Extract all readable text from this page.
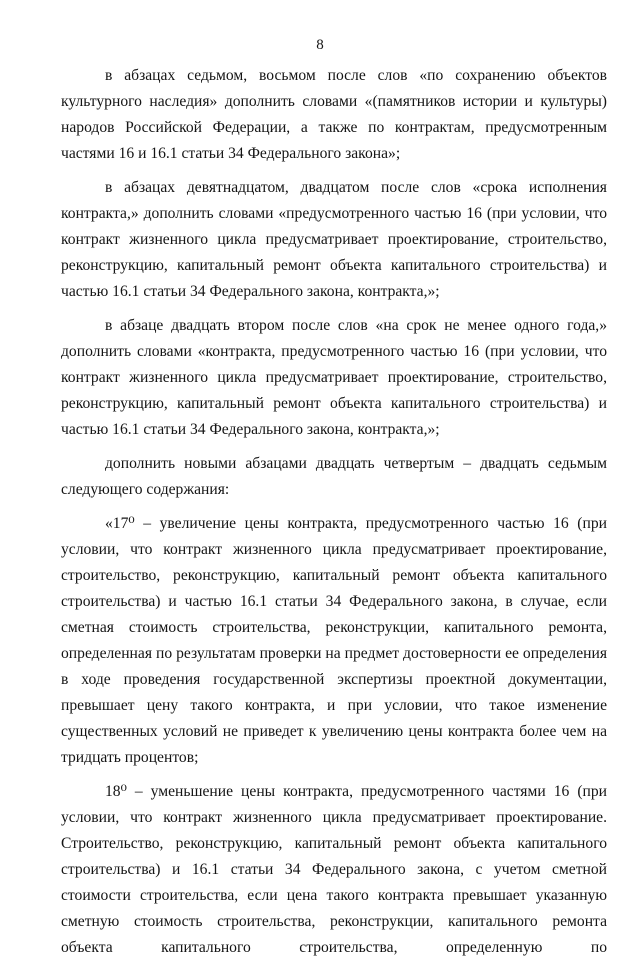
8

в абзацах седьмом, восьмом после слов «по сохранению объектов культурного наследия» дополнить словами «(памятников истории и культуры) народов Российской Федерации, а также по контрактам, предусмотренным частями 16 и 16.1 статьи 34 Федерального закона»;

в абзацах девятнадцатом, двадцатом после слов «срока исполнения контракта,» дополнить словами «предусмотренного частью 16 (при условии, что контракт жизненного цикла предусматривает проектирование, строительство, реконструкцию, капитальный ремонт объекта капитального строительства) и частью 16.1 статьи 34 Федерального закона, контракта,»;

в абзаце двадцать втором после слов «на срок не менее одного года,» дополнить словами «контракта, предусмотренного частью 16 (при условии, что контракт жизненного цикла предусматривает проектирование, строительство, реконструкцию, капитальный ремонт объекта капитального строительства) и частью 16.1 статьи 34 Федерального закона, контракта,»;

дополнить новыми абзацами двадцать четвертым – двадцать седьмым следующего содержания:

«17⁰ – увеличение цены контракта, предусмотренного частью 16 (при условии, что контракт жизненного цикла предусматривает проектирование, строительство, реконструкцию, капитальный ремонт объекта капитального строительства) и частью 16.1 статьи 34 Федерального закона, в случае, если сметная стоимость строительства, реконструкции, капитального ремонта, определенная по результатам проверки на предмет достоверности ее определения в ходе проведения государственной экспертизы проектной документации, превышает цену такого контракта, и при условии, что такое изменение существенных условий не приведет к увеличению цены контракта более чем на тридцать процентов;

18⁰ – уменьшение цены контракта, предусмотренного частями 16 (при условии, что контракт жизненного цикла предусматривает проектирование. Строительство, реконструкцию, капитальный ремонт объекта капитального строительства) и 16.1 статьи 34 Федерального закона, с учетом сметной стоимости строительства, если цена такого контракта превышает указанную сметную стоимость строительства, реконструкции, капитального ремонта объекта капитального строительства, определенную по
